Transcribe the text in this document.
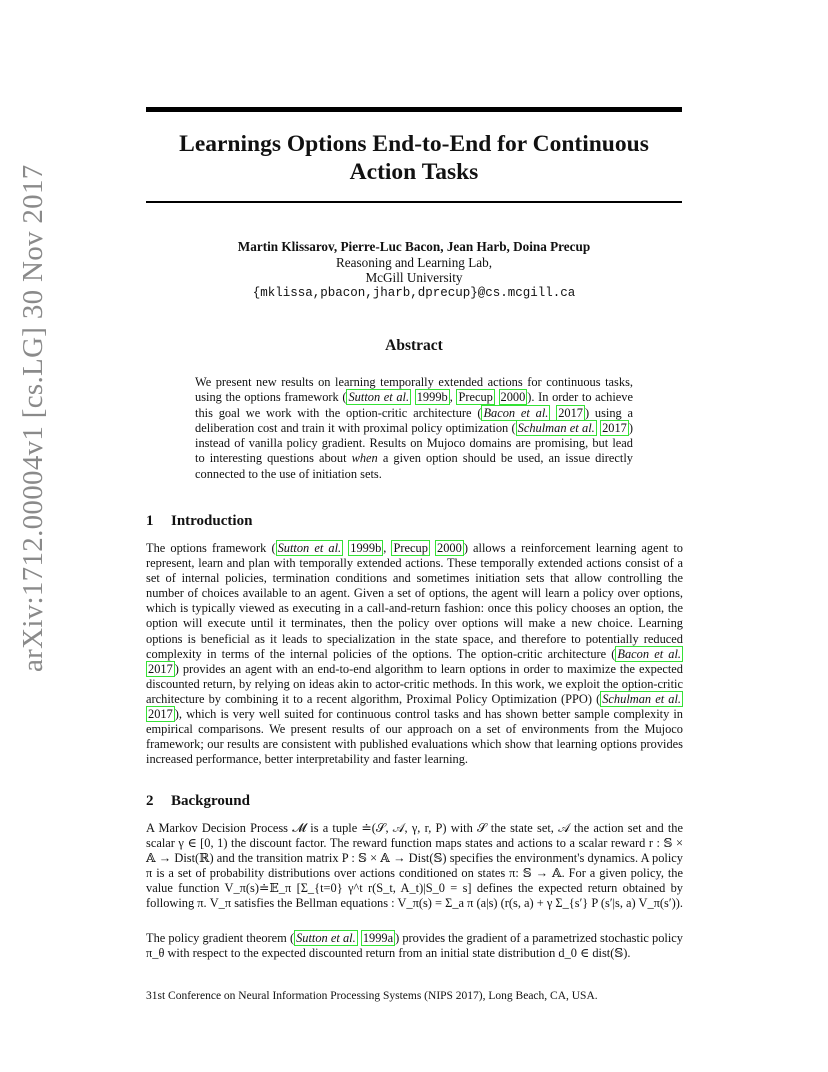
arXiv:1712.00004v1 [cs.LG] 30 Nov 2017
Learnings Options End-to-End for Continuous Action Tasks
Martin Klissarov, Pierre-Luc Bacon, Jean Harb, Doina Precup
Reasoning and Learning Lab,
McGill University
{mklissa,pbacon,jharb,dprecup}@cs.mcgill.ca
Abstract

We present new results on learning temporally extended actions for continuous tasks, using the options framework ( Sutton et al. 1999b , Precup 2000 ). In order to achieve this goal we work with the option-critic architecture ( Bacon et al. 2017 ) using a deliberation cost and train it with proximal policy optimization ( Schulman et al. 2017 ) instead of vanilla policy gradient. Results on Mujoco domains are promising, but lead to interesting questions about when a given option should be used, an issue directly connected to the use of initiation sets.

1 Introduction

The options framework ( Sutton et al. 1999b , Precup 2000 ) allows a reinforcement learning agent to represent, learn and plan with temporally extended actions. These temporally extended actions consist of a set of internal policies, termination conditions and sometimes initiation sets that allow controlling the number of choices available to an agent. Given a set of options, the agent will learn a policy over options, which is typically viewed as executing in a call-and-return fashion: once this policy chooses an option, the option will execute until it terminates, then the policy over options will make a new choice. Learning options is beneficial as it leads to specialization in the state space, and therefore to potentially reduced complexity in terms of the internal policies of the options. The option-critic architecture ( Bacon et al. 2017 ) provides an agent with an end-to-end algorithm to learn options in order to maximize the expected discounted return, by relying on ideas akin to actor-critic methods. In this work, we exploit the option-critic architecture by combining it to a recent algorithm, Proximal Policy Optimization (PPO) ( Schulman et al. 2017 ), which is very well suited for continuous control tasks and has shown better sample complexity in empirical comparisons. We present results of our approach on a set of environments from the Mujoco framework; our results are consistent with published evaluations which show that learning options provides increased performance, better interpretability and faster learning.

2 Background

A Markov Decision Process 𝓜 is a tuple ≐(𝒮, 𝒜, γ, r, P) with 𝒮 the state set, 𝒜 the action set and the scalar γ ∈ [0, 1) the discount factor. The reward function maps states and actions to a scalar reward r : 𝕊 × 𝔸 → Dist(ℝ) and the transition matrix P : 𝕊 × 𝔸 → Dist(𝕊) specifies the environment's dynamics. A policy π is a set of probability distributions over actions conditioned on states π: 𝕊 → 𝔸. For a given policy, the value function V_π(s)≐𝔼_π [Σ_{t=0} γ^t r(S_t, A_t)|S_0 = s] defines the expected return obtained by following π. V_π satisfies the Bellman equations : V_π(s) = Σ_a π (a|s) (r(s, a) + γ Σ_{s′} P (s′|s, a) V_π(s′)).

The policy gradient theorem ( Sutton et al. 1999a ) provides the gradient of a parametrized stochastic policy π_θ with respect to the expected discounted return from an initial state distribution d_0 ∈ dist(𝕊).

31st Conference on Neural Information Processing Systems (NIPS 2017), Long Beach, CA, USA.
